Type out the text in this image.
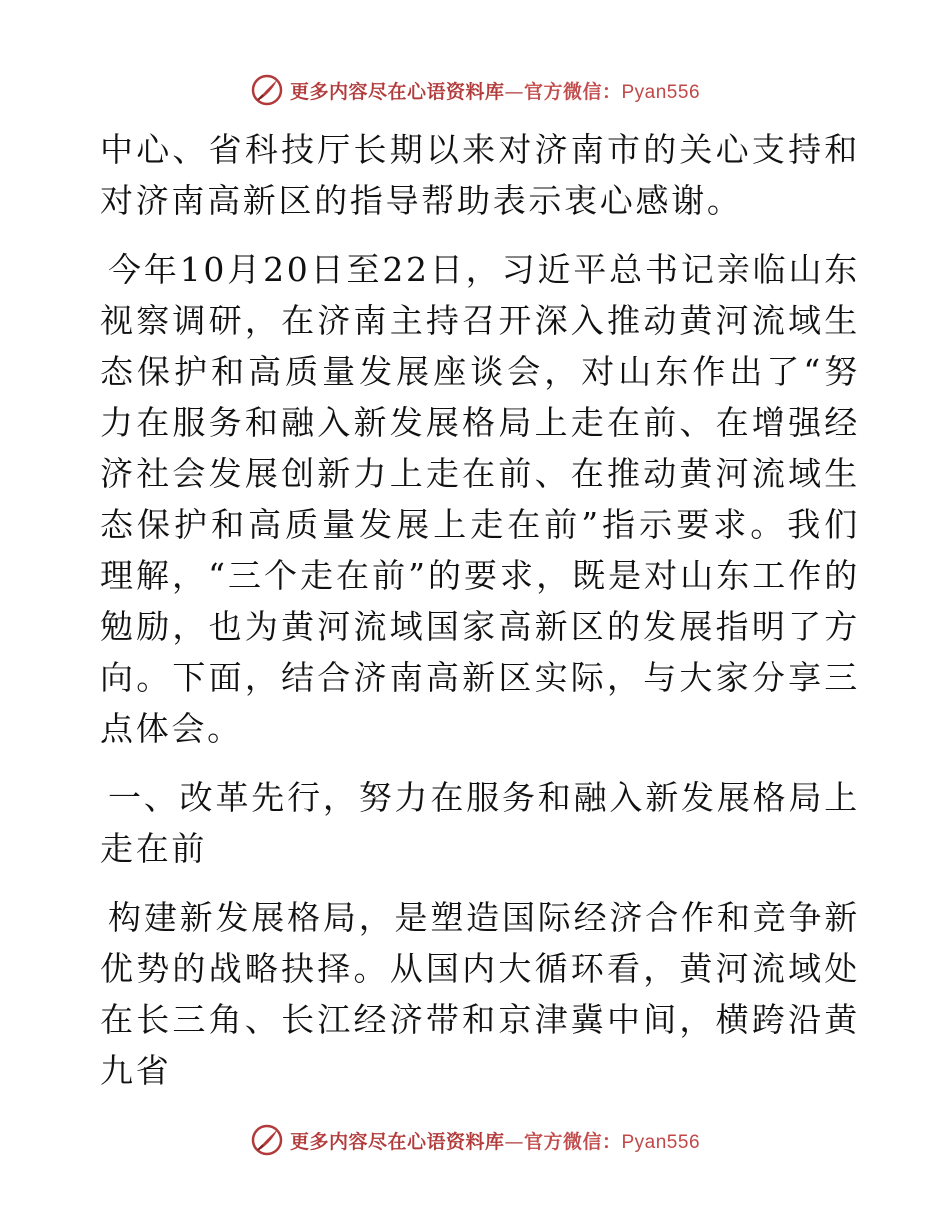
更多内容尽在心语资料库—官方微信：Pyan556

中心、省科技厅长期以来对济南市的关心支持和对济南高新区的指导帮助表示衷心感谢。

今年10月20日至22日，习近平总书记亲临山东视察调研，在济南主持召开深入推动黄河流域生态保护和高质量发展座谈会，对山东作出了“努力在服务和融入新发展格局上走在前、在增强经济社会发展创新力上走在前、在推动黄河流域生态保护和高质量发展上走在前”指示要求。我们理解，“三个走在前”的要求，既是对山东工作的勉励，也为黄河流域国家高新区的发展指明了方向。下面，结合济南高新区实际，与大家分享三点体会。

一、改革先行，努力在服务和融入新发展格局上走在前

构建新发展格局，是塑造国际经济合作和竞争新优势的战略抉择。从国内大循环看，黄河流域处在长三角、长江经济带和京津冀中间，横跨沿黄九省

更多内容尽在心语资料库—官方微信：Pyan556
